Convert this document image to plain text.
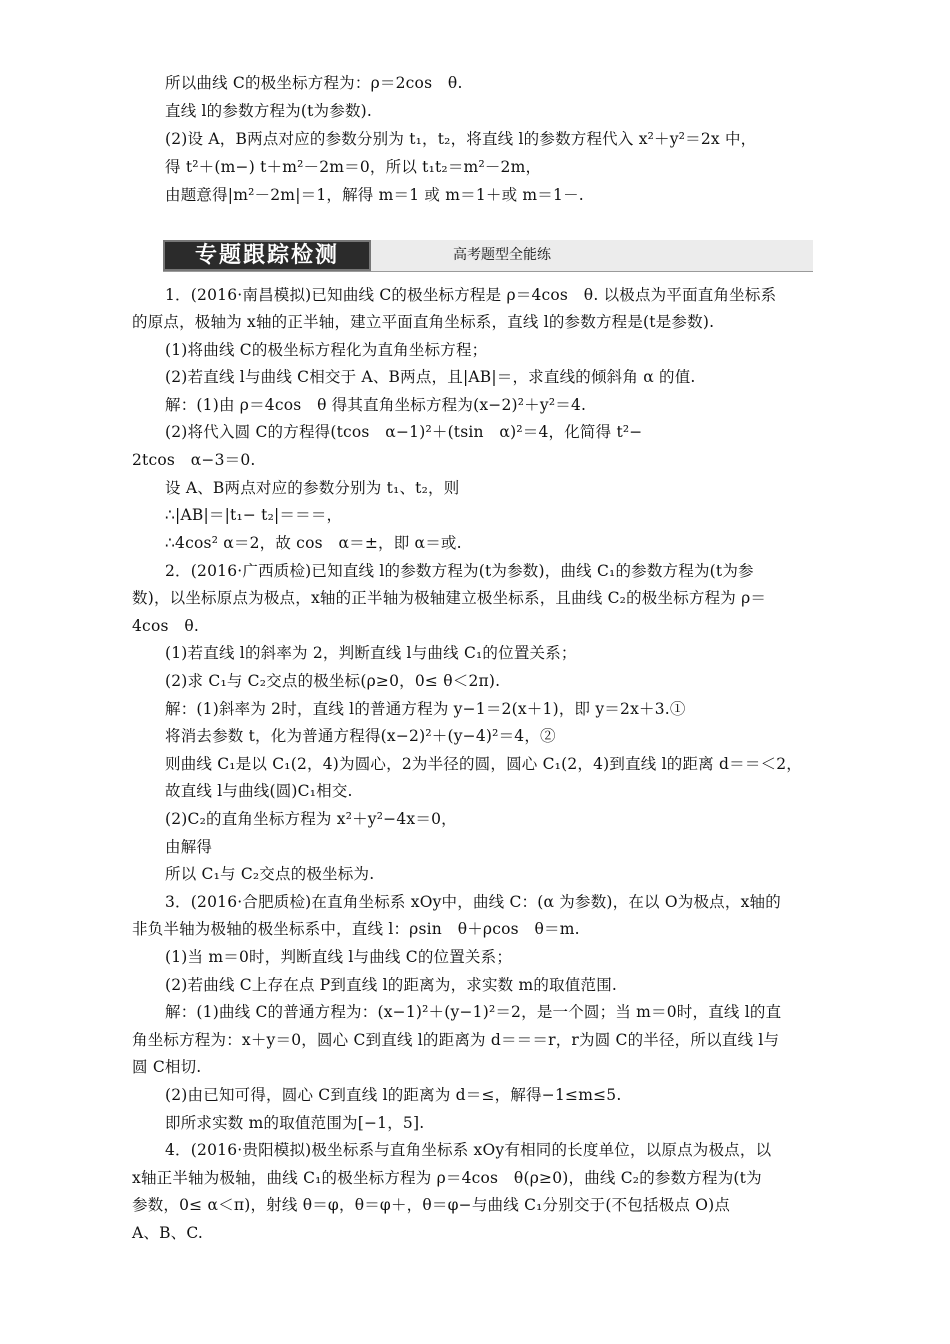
所以曲线 C的极坐标方程为：ρ＝2cos　θ.
直线 l的参数方程为(t为参数).
(2)设 A，B两点对应的参数分别为 t₁，t₂，将直线 l的参数方程代入 x²＋y²＝2x 中，
得 t²＋(m−) t＋m²－2m＝0，所以 t₁t₂＝m²－2m，
由题意得|m²－2m|＝1，解得 m＝1 或 m＝1＋或 m＝1－.
专题跟踪检测	高考题型全能练
1．(2016·南昌模拟)已知曲线 C的极坐标方程是 ρ＝4cos　θ. 以极点为平面直角坐标系
的原点，极轴为 x轴的正半轴，建立平面直角坐标系，直线 l的参数方程是(t是参数).
(1)将曲线 C的极坐标方程化为直角坐标方程；
(2)若直线 l与曲线 C相交于 A、B两点，且|AB|＝，求直线的倾斜角 α 的值.
解：(1)由 ρ＝4cos　θ 得其直角坐标方程为(x−2)²＋y²＝4.
(2)将代入圆 C的方程得(tcos　α−1)²＋(tsin　α)²＝4，化简得 t²−
2tcos　α−3＝0.
设 A、B两点对应的参数分别为 t₁、t₂，则
∴|AB|＝|t₁− t₂|＝＝＝，
∴4cos² α＝2，故 cos　α＝±，即 α＝或.
2．(2016·广西质检)已知直线 l的参数方程为(t为参数)，曲线 C₁的参数方程为(t为参
数)，以坐标原点为极点，x轴的正半轴为极轴建立极坐标系，且曲线 C₂的极坐标方程为 ρ＝
4cos　θ.
(1)若直线 l的斜率为 2，判断直线 l与曲线 C₁的位置关系；
(2)求 C₁与 C₂交点的极坐标(ρ≥0，0≤ θ＜2π).
解：(1)斜率为 2时，直线 l的普通方程为 y−1＝2(x＋1)，即 y＝2x＋3.①
将消去参数 t，化为普通方程得(x−2)²＋(y−4)²＝4，②
则曲线 C₁是以 C₁(2，4)为圆心，2为半径的圆，圆心 C₁(2，4)到直线 l的距离 d＝＝＜2，
故直线 l与曲线(圆)C₁相交.
(2)C₂的直角坐标方程为 x²＋y²−4x＝0，
由解得
所以 C₁与 C₂交点的极坐标为.
3．(2016·合肥质检)在直角坐标系 xOy中，曲线 C：(α 为参数)，在以 O为极点，x轴的
非负半轴为极轴的极坐标系中，直线 l：ρsin　θ＋ρcos　θ＝m.
(1)当 m＝0时，判断直线 l与曲线 C的位置关系；
(2)若曲线 C上存在点 P到直线 l的距离为，求实数 m的取值范围.
解：(1)曲线 C的普通方程为：(x−1)²＋(y−1)²＝2，是一个圆；当 m＝0时，直线 l的直
角坐标方程为：x＋y＝0，圆心 C到直线 l的距离为 d＝＝＝r，r为圆 C的半径，所以直线 l与
圆 C相切.
(2)由已知可得，圆心 C到直线 l的距离为 d＝≤，解得−1≤m≤5.
即所求实数 m的取值范围为[−1，5].
4．(2016·贵阳模拟)极坐标系与直角坐标系 xOy有相同的长度单位，以原点为极点，以
x轴正半轴为极轴，曲线 C₁的极坐标方程为 ρ＝4cos　θ(ρ≥0)，曲线 C₂的参数方程为(t为
参数，0≤ α＜π)，射线 θ＝φ，θ＝φ＋，θ＝φ−与曲线 C₁分别交于(不包括极点 O)点
A、B、C.
